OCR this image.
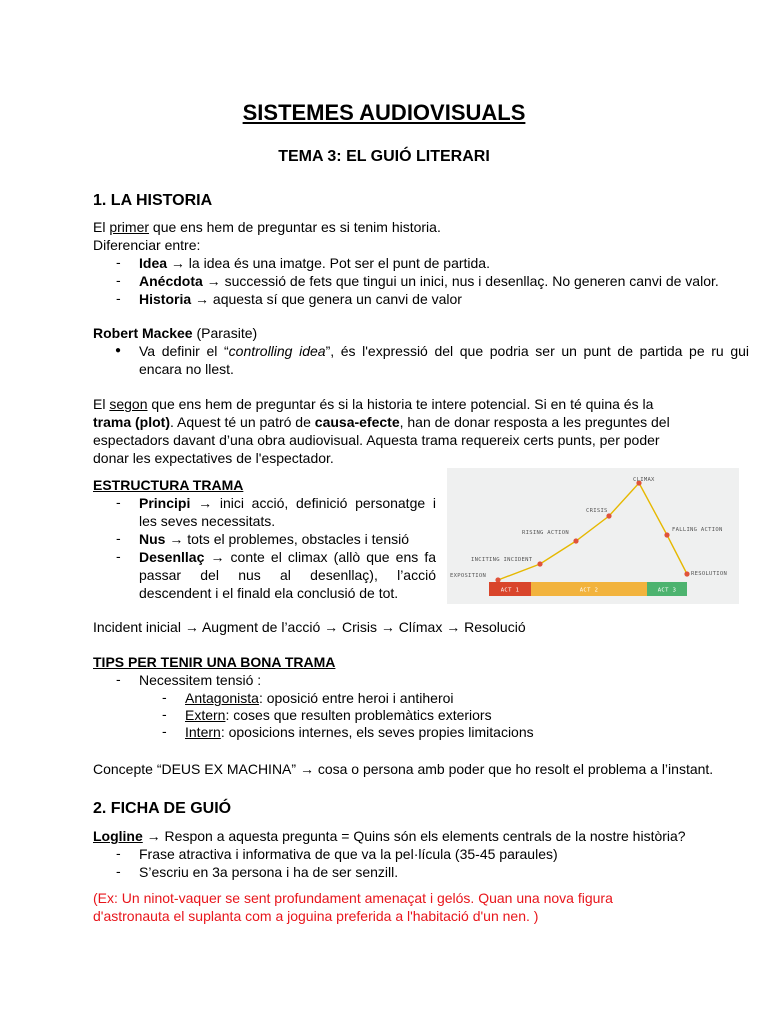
SISTEMES AUDIOVISUALS
TEMA 3: EL GUIÓ LITERARI
1. LA HISTORIA
El primer que ens hem de preguntar es si tenim historia.
Diferenciar entre:
-	Idea → la idea és una imatge. Pot ser el punt de partida.
-	Anécdota → successió de fets que tingui un inici, nus i desenllaç. No generen canvi de valor.
-	Historia → aquesta sí que genera un canvi de valor
Robert Mackee (Parasite)
● Va definir el “controlling idea”, és l'expressió del que podria ser un punt de partida pe ru gui
encara no llest.
El segon que ens hem de preguntar és si la historia te intere potencial. Si en té quina és la
trama (plot). Aquest té un patró de causa-efecte, han de donar resposta a les preguntes del
espectadors davant d’una obra audiovisual. Aquesta trama requereix certs punts, per poder
donar les expectatives de l'espectador.
ESTRUCTURA TRAMA
-	Principi → inici acció, definició personatge i
les seves necessitats.
-	Nus → tots el problemes, obstacles i tensió
-	Desenllaç → conte el climax (allò que ens fa
passar del nus al desenllaç), l’acció
descendent i el finald ela conclusió de tot.
EXPOSITION
INCITING INCIDENT
RISING ACTION
CRISIS
CLIMAX
FALLING ACTION
RESOLUTION
ACT 1	ACT 2	ACT 3
Incident inicial → Augment de l’acció → Crisis → Clímax → Resolució
TIPS PER TENIR UNA BONA TRAMA
-	Necessitem tensió :
-	Antagonista: oposició entre heroi i antiheroi
-	Extern: coses que resulten problemàtics exteriors
-	Intern: oposicions internes, els seves propies limitacions
Concepte “DEUS EX MACHINA” → cosa o persona amb poder que ho resolt el problema a l’instant.
2. FICHA DE GUIÓ
Logline → Respon a aquesta pregunta = Quins són els elements centrals de la nostre història?
-	Frase atractiva i informativa de que va la pel·lícula (35-45 paraules)
-	S’escriu en 3a persona i ha de ser senzill.
(Ex: Un ninot-vaquer se sent profundament amenaçat i gelós. Quan una nova figura
d'astronauta el suplanta com a joguina preferida a l'habitació d'un nen. )
